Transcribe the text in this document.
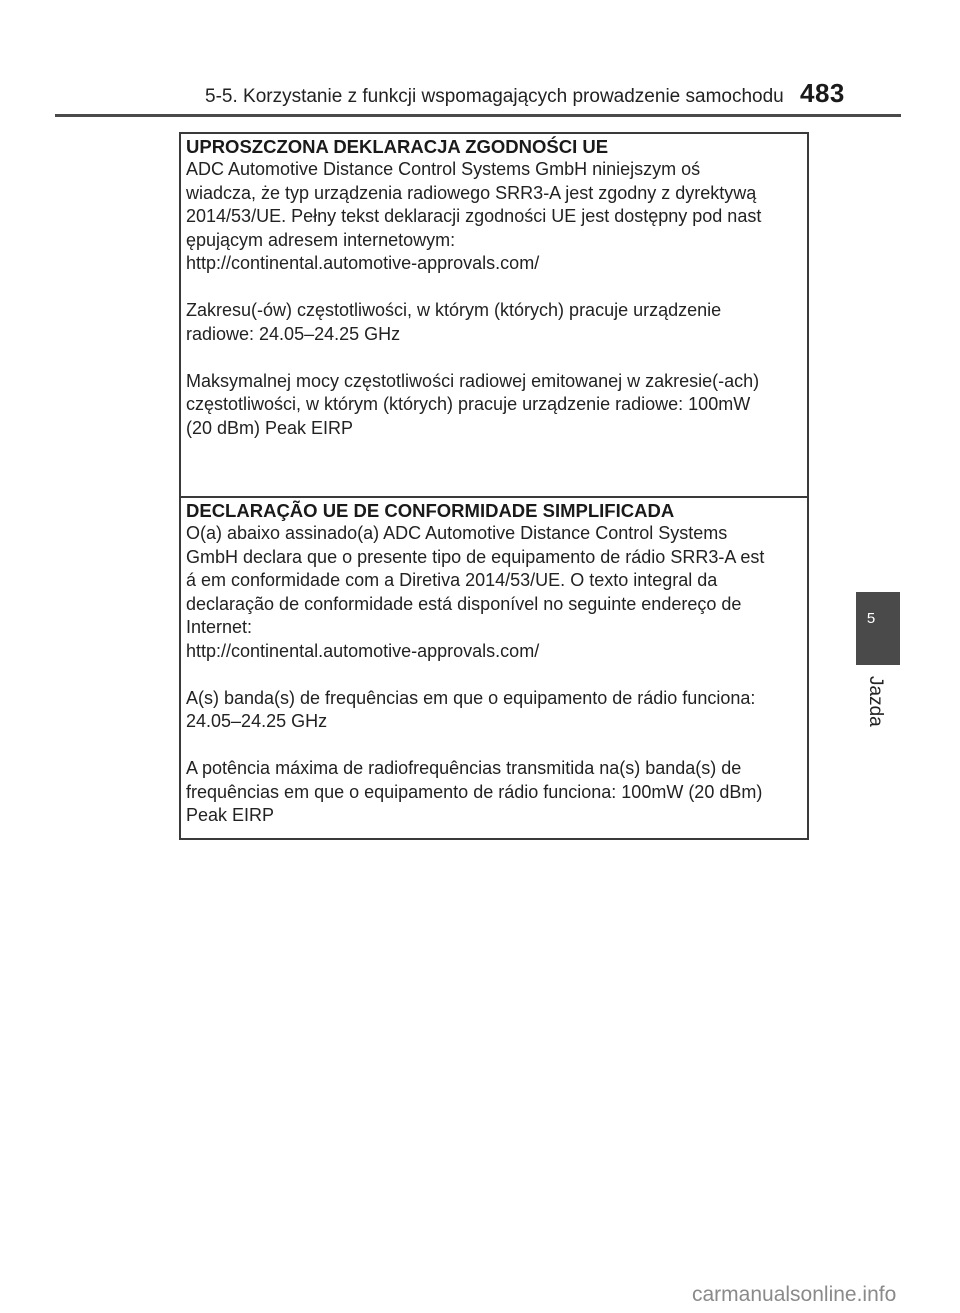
5-5. Korzystanie z funkcji wspomagających prowadzenie samochodu 483
UPROSZCZONA DEKLARACJA ZGODNOŚCI UE
ADC Automotive Distance Control Systems GmbH niniejszym oś
wiadcza, że typ urządzenia radiowego SRR3-A jest zgodny z dyrektywą
2014/53/UE. Pełny tekst deklaracji zgodności UE jest dostępny pod nast
ępującym adresem internetowym:
http://continental.automotive-approvals.com/
Zakresu(-ów) częstotliwości, w którym (których) pracuje urządzenie
radiowe: 24.05–24.25 GHz
Maksymalnej mocy częstotliwości radiowej emitowanej w zakresie(-ach)
częstotliwości, w którym (których) pracuje urządzenie radiowe: 100mW
(20 dBm) Peak EIRP
DECLARAÇÃO UE DE CONFORMIDADE SIMPLIFICADA
O(a) abaixo assinado(a) ADC Automotive Distance Control Systems
GmbH declara que o presente tipo de equipamento de rádio SRR3-A est
á em conformidade com a Diretiva 2014/53/UE. O texto integral da
declaração de conformidade está disponível no seguinte endereço de
Internet:
http://continental.automotive-approvals.com/
A(s) banda(s) de frequências em que o equipamento de rádio funciona:
24.05–24.25 GHz
A potência máxima de radiofrequências transmitida na(s) banda(s) de
frequências em que o equipamento de rádio funciona: 100mW (20 dBm)
Peak EIRP
5
Jazda
carmanualsonline.info
